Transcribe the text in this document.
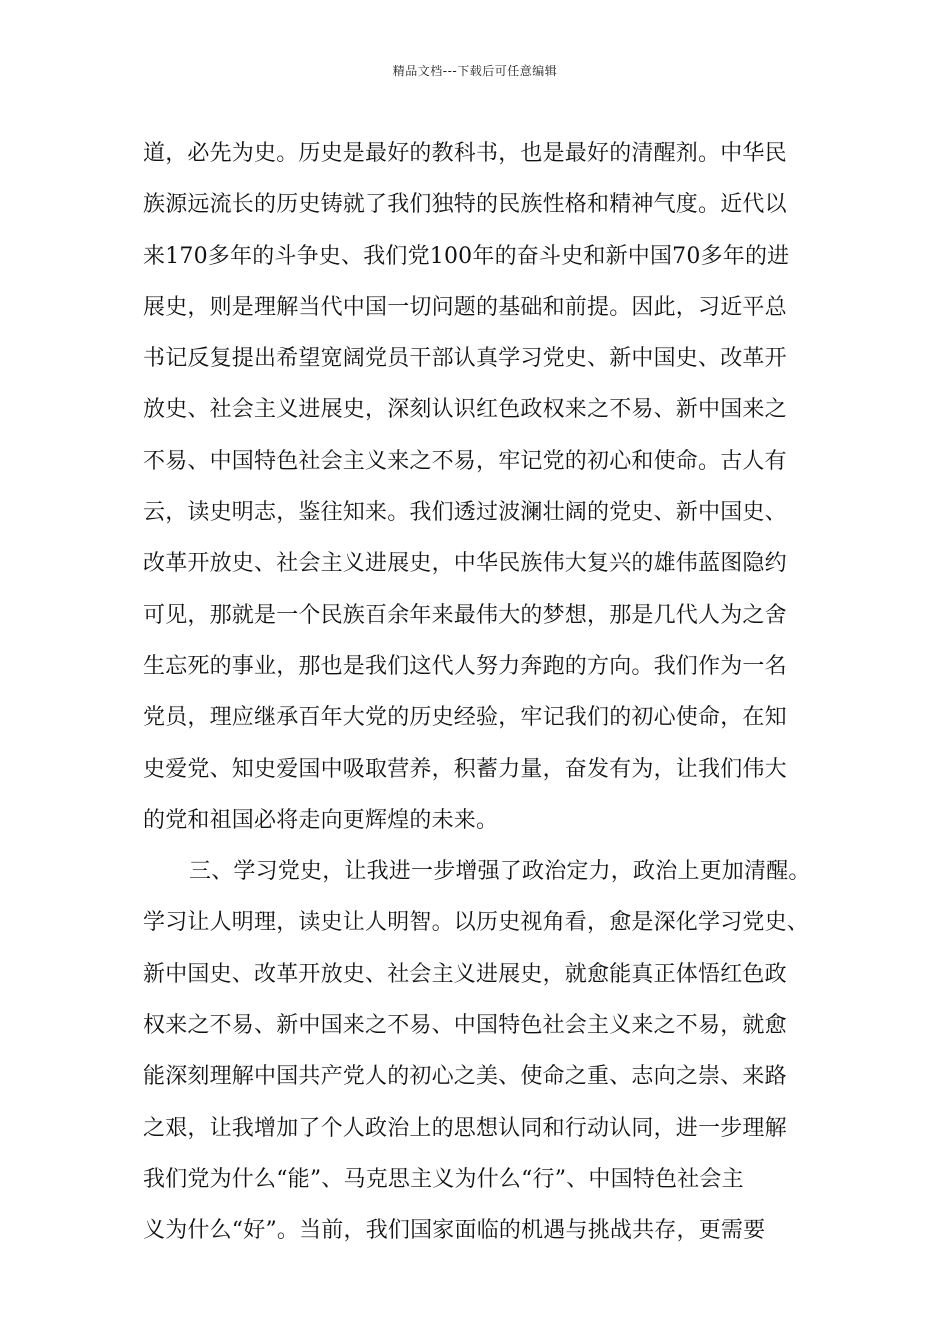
精品文档---下载后可任意编辑
道，必先为史。历史是最好的教科书，也是最好的清醒剂。中华民
族源远流长的历史铸就了我们独特的民族性格和精神气度。近代以
来170多年的斗争史、我们党100年的奋斗史和新中国70多年的进
展史，则是理解当代中国一切问题的基础和前提。因此，习近平总
书记反复提出希望宽阔党员干部认真学习党史、新中国史、改革开
放史、社会主义进展史，深刻认识红色政权来之不易、新中国来之
不易、中国特色社会主义来之不易，牢记党的初心和使命。古人有
云，读史明志，鉴往知来。我们透过波澜壮阔的党史、新中国史、
改革开放史、社会主义进展史，中华民族伟大复兴的雄伟蓝图隐约
可见，那就是一个民族百余年来最伟大的梦想，那是几代人为之舍
生忘死的事业，那也是我们这代人努力奔跑的方向。我们作为一名
党员，理应继承百年大党的历史经验，牢记我们的初心使命，在知
史爱党、知史爱国中吸取营养，积蓄力量，奋发有为，让我们伟大
的党和祖国必将走向更辉煌的未来。
三、学习党史，让我进一步增强了政治定力，政治上更加清醒。
学习让人明理，读史让人明智。以历史视角看，愈是深化学习党史、
新中国史、改革开放史、社会主义进展史，就愈能真正体悟红色政
权来之不易、新中国来之不易、中国特色社会主义来之不易，就愈
能深刻理解中国共产党人的初心之美、使命之重、志向之崇、来路
之艰，让我增加了个人政治上的思想认同和行动认同，进一步理解
我们党为什么“能”、马克思主义为什么“行”、中国特色社会主
义为什么“好”。当前，我们国家面临的机遇与挑战共存，更需要
